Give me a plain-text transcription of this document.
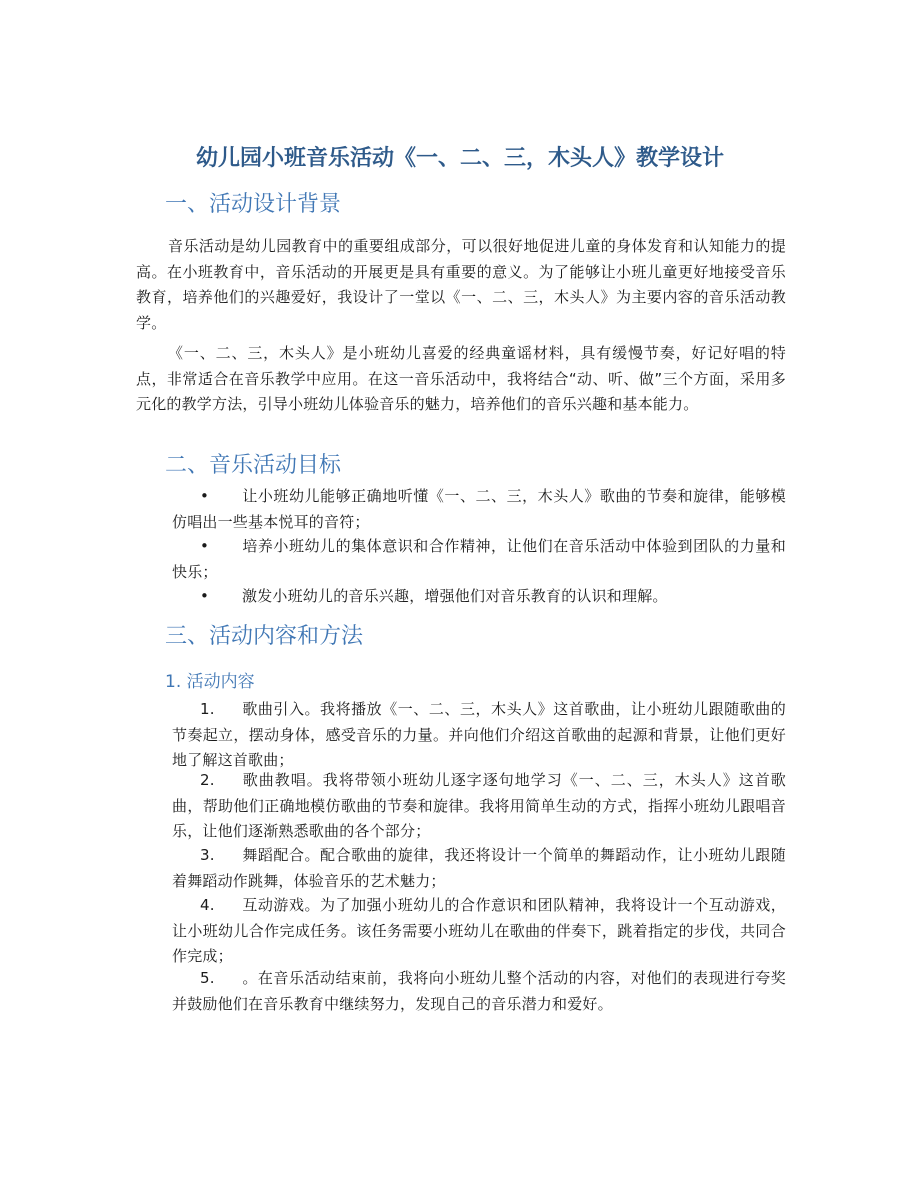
幼儿园小班音乐活动《一、二、三，木头人》教学设计
一、活动设计背景

音乐活动是幼儿园教育中的重要组成部分，可以很好地促进儿童的身体发育和认知能力的提高。在小班教育中，音乐活动的开展更是具有重要的意义。为了能够让小班儿童更好地接受音乐教育，培养他们的兴趣爱好，我设计了一堂以《一、二、三，木头人》为主要内容的音乐活动教学。

《一、二、三，木头人》是小班幼儿喜爱的经典童谣材料，具有缓慢节奏，好记好唱的特点，非常适合在音乐教学中应用。在这一音乐活动中，我将结合“动、听、做”三个方面，采用多元化的教学方法，引导小班幼儿体验音乐的魅力，培养他们的音乐兴趣和基本能力。

二、音乐活动目标

• 让小班幼儿能够正确地听懂《一、二、三，木头人》歌曲的节奏和旋律，能够模仿唱出一些基本悦耳的音符；

• 培养小班幼儿的集体意识和合作精神，让他们在音乐活动中体验到团队的力量和快乐；

• 激发小班幼儿的音乐兴趣，增强他们对音乐教育的认识和理解。

三、活动内容和方法
1. 活动内容

1. 歌曲引入。我将播放《一、二、三，木头人》这首歌曲，让小班幼儿跟随歌曲的节奏起立，摆动身体，感受音乐的力量。并向他们介绍这首歌曲的起源和背景，让他们更好地了解这首歌曲；

2. 歌曲教唱。我将带领小班幼儿逐字逐句地学习《一、二、三，木头人》这首歌曲，帮助他们正确地模仿歌曲的节奏和旋律。我将用简单生动的方式，指挥小班幼儿跟唱音乐，让他们逐渐熟悉歌曲的各个部分；

3. 舞蹈配合。配合歌曲的旋律，我还将设计一个简单的舞蹈动作，让小班幼儿跟随着舞蹈动作跳舞，体验音乐的艺术魅力；

4. 互动游戏。为了加强小班幼儿的合作意识和团队精神，我将设计一个互动游戏，让小班幼儿合作完成任务。该任务需要小班幼儿在歌曲的伴奏下，跳着指定的步伐，共同合作完成；

5. 。在音乐活动结束前，我将向小班幼儿整个活动的内容，对他们的表现进行夸奖并鼓励他们在音乐教育中继续努力，发现自己的音乐潜力和爱好。
